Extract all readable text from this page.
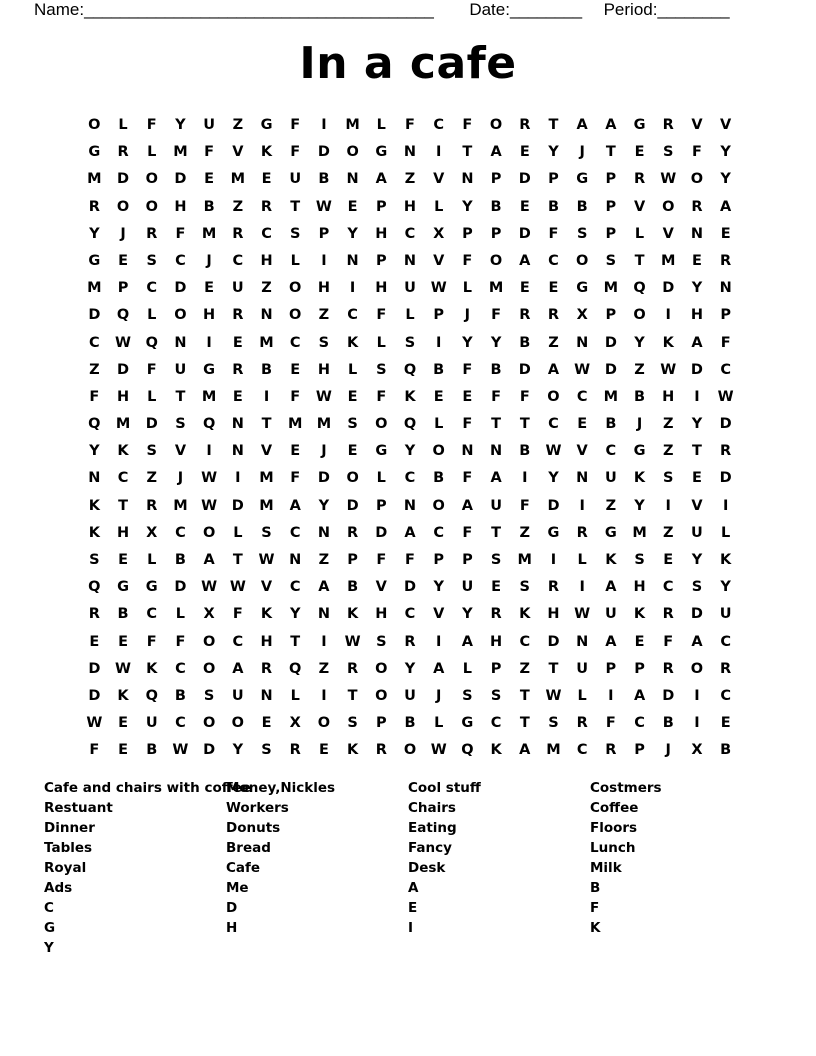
Name: _______________________________________ Date: ________ Period: ________
In a cafe
O	L	F	Y	U	Z	G	F	I	M	L	F	C	F	O	R	T	A	A	G	R	V	V
G	R	L	M	F	V	K	F	D	O	G	N	I	T	A	E	Y	J	T	E	S	F	Y
M	D	O	D	E	M	E	U	B	N	A	Z	V	N	P	D	P	G	P	R	W	O	Y
R	O	O	H	B	Z	R	T	W	E	P	H	L	Y	B	E	B	B	P	V	O	R	A
Y	J	R	F	M	R	C	S	P	Y	H	C	X	P	P	D	F	S	P	L	V	N	E
G	E	S	C	J	C	H	L	I	N	P	N	V	F	O	A	C	O	S	T	M	E	R
M	P	C	D	E	U	Z	O	H	I	H	U	W	L	M	E	E	G	M	Q	D	Y	N
D	Q	L	O	H	R	N	O	Z	C	F	L	P	J	F	R	R	X	P	O	I	H	P
C	W	Q	N	I	E	M	C	S	K	L	S	I	Y	Y	B	Z	N	D	Y	K	A	F
Z	D	F	U	G	R	B	E	H	L	S	Q	B	F	B	D	A	W	D	Z	W	D	C
F	H	L	T	M	E	I	F	W	E	F	K	E	E	F	F	O	C	M	B	H	I	W
Q	M	D	S	Q	N	T	M M	S	O	Q	L	F	T	T	C	E	B	J	Z	Y	D
Y	K	S	V	I	N	V	E	J	E	G	Y	O	N	N	B	W	V	C	G	Z	T	R
N	C	Z	J	W	I	M	F	D	O	L	C	B	F	A	I	Y	N	U	K	S	E	D
K	T	R	M W	D	M	A	Y	D	P	N	O	A	U	F	D	I	Z	Y	I	V	I
K	H	X	C	O	L	S	C	N	R	D	A	C	F	T	Z	G	R	G	M	Z	U	L
S	E	L	B	A	T	W	N	Z	P	F	F	P	P	S	M	I	L	K	S	E	Y	K
Q	G	G	D	W W	V	C	A	B	V	D	Y	U	E	S	R	I	A	H	C	S	Y
R	B	C	L	X	F	K	Y	N	K	H	C	V	Y	R	K	H	W	U	K	R	D	U
E	E	F	F	O	C	H	T	I	W	S	R	I	A	H	C	D	N	A	E	F	A	C
D	W	K	C	O	A	R	Q	Z	R	O	Y	A	L	P	Z	T	U	P	P	R	O	R
D	K	Q	B	S	U	N	L	I	T	O	U	J	S	S	T	W	L	I	A	D	I	C
W	E	U	C	O	O	E	X	O	S	P	B	L	G	C	T	S	R	F	C	B	I	E
F	E	B	W	D	Y	S	R	E	K	R	O	W	Q	K	A	M	C	R	P	J	X	B
Cafe and chairs with coffee
Restuant
Dinner
Tables
Royal
Ads
C
G
Y
Money,Nickles
Workers
Donuts
Bread
Cafe
Me
D
H
Cool stuff
Chairs
Eating
Fancy
Desk
A
E
I
Costmers
Coffee
Floors
Lunch
Milk
B
F
K
